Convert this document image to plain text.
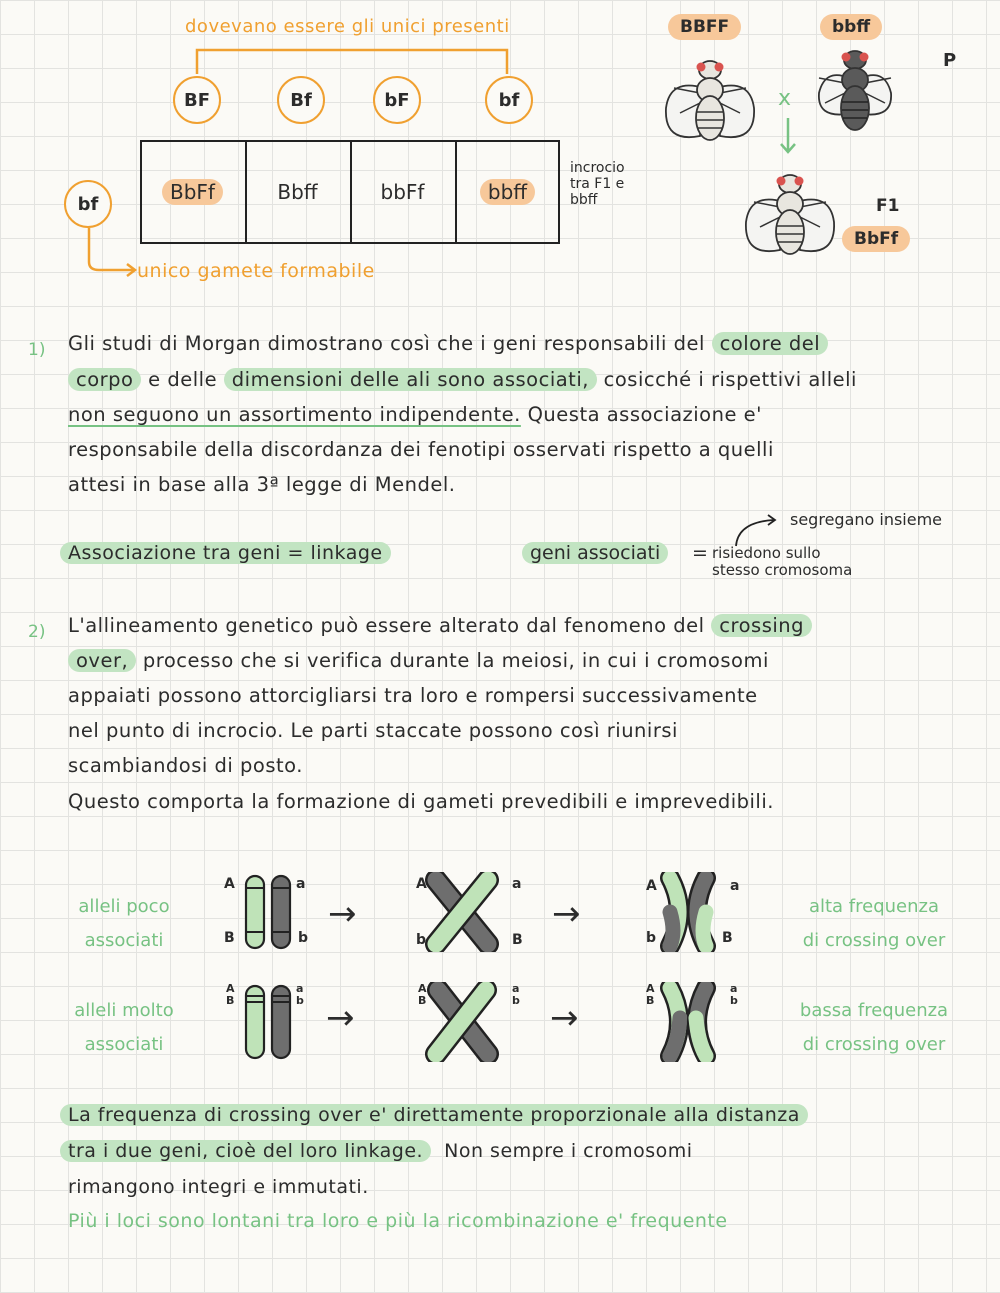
dovevano essere gli unici presenti
BF	Bf	bF	bf
BbFf	Bbff	bbFf	bbff
incrocio
tra F1 e
bbff
bf
unico gamete formabile
BBFF	bbff
P
x
F1
BbFf
1) Gli studi di Morgan dimostrano così che i geni responsabili del colore del
corpo e delle dimensioni delle ali sono associati, cosicché i rispettivi alleli
non seguono un assortimento indipendente. Questa associazione e'
responsabile della discordanza dei fenotipi osservati rispetto a quelli
attesi in base alla 3ª legge di Mendel.
Associazione tra geni = linkage	geni associati	= risiedono sullo
stesso cromosoma
segregano insieme
2) L'allineamento genetico può essere alterato dal fenomeno del crossing
over, processo che si verifica durante la meiosi, in cui i cromosomi
appaiati possono attorcigliarsi tra loro e rompersi successivamente
nel punto di incrocio. Le parti staccate possono così riunirsi
scambiandosi di posto.
Questo comporta la formazione di gameti prevedibili e imprevedibili.
alleli poco
associati
alleli molto
associati
alta frequenza
di crossing over
bassa frequenza
di crossing over
A
B
a
b
→
A
b
a
B
→
A
b
a
B
A
B
a
b →
A
B
a
b →
A
B
a
b
La frequenza di crossing over e' direttamente proporzionale alla distanza
tra i due geni, cioè del loro linkage.  Non sempre i cromosomi
rimangono integri e immutati.
Più i loci sono lontani tra loro e più la ricombinazione e' frequente
